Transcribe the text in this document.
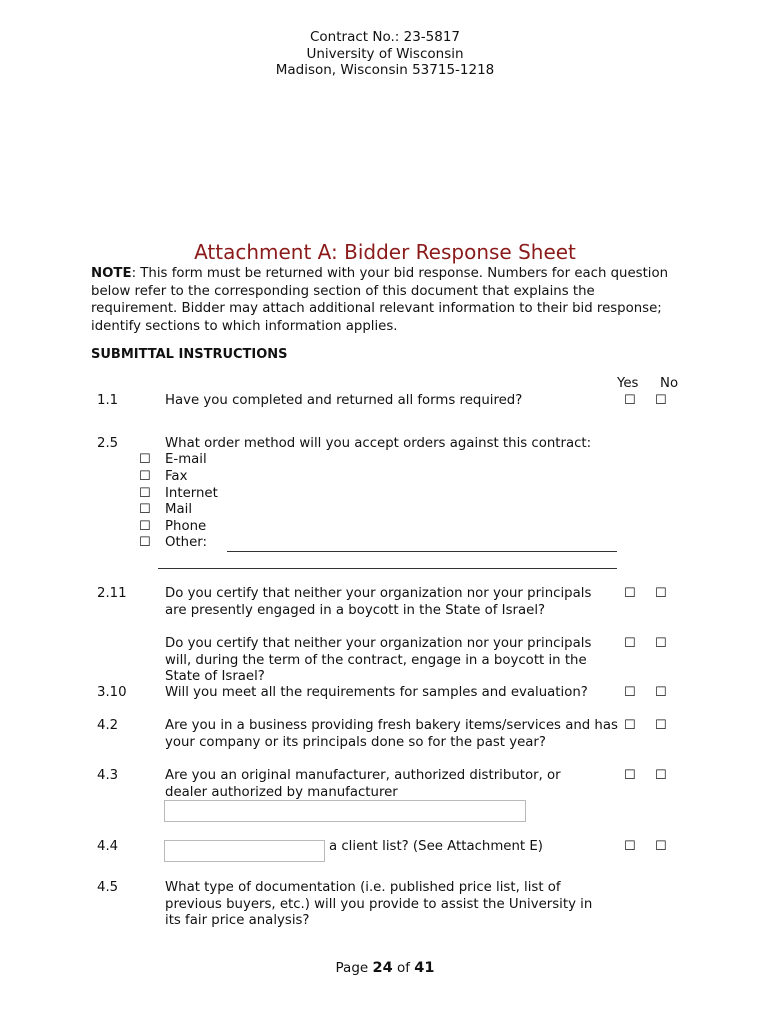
Contract No.: 23-5817
University of Wisconsin
Madison, Wisconsin 53715-1218
Attachment A: Bidder Response Sheet
NOTE: This form must be returned with your bid response. Numbers for each question below refer to the corresponding section of this document that explains the requirement. Bidder may attach additional relevant information to their bid response; identify sections to which information applies.
SUBMITTAL INSTRUCTIONS
Yes No
1.1	Have you completed and returned all forms required?	☐ ☐
2.5	What order method will you accept orders against this contract:
☐ E-mail
☐ Fax
☐ Internet
☐ Mail
☐ Phone
☐ Other:
2.11	Do you certify that neither your organization nor your principals are presently engaged in a boycott in the State of Israel?
☐ ☐
Do you certify that neither your organization nor your principals will, during the term of the contract, engage in a boycott in the State of Israel?
☐ ☐
3.10	Will you meet all the requirements for samples and evaluation?	☐ ☐
4.2	Are you in a business providing fresh bakery items/services and has your company or its principals done so for the past year?
☐ ☐
4.3	Are you an original manufacturer, authorized distributor, or dealer authorized by manufacturer
☐ ☐
4.4	a client list? (See Attachment E)	☐ ☐
4.5	What type of documentation (i.e. published price list, list of previous buyers, etc.) will you provide to assist the University in its fair price analysis?
Page 24 of 41
